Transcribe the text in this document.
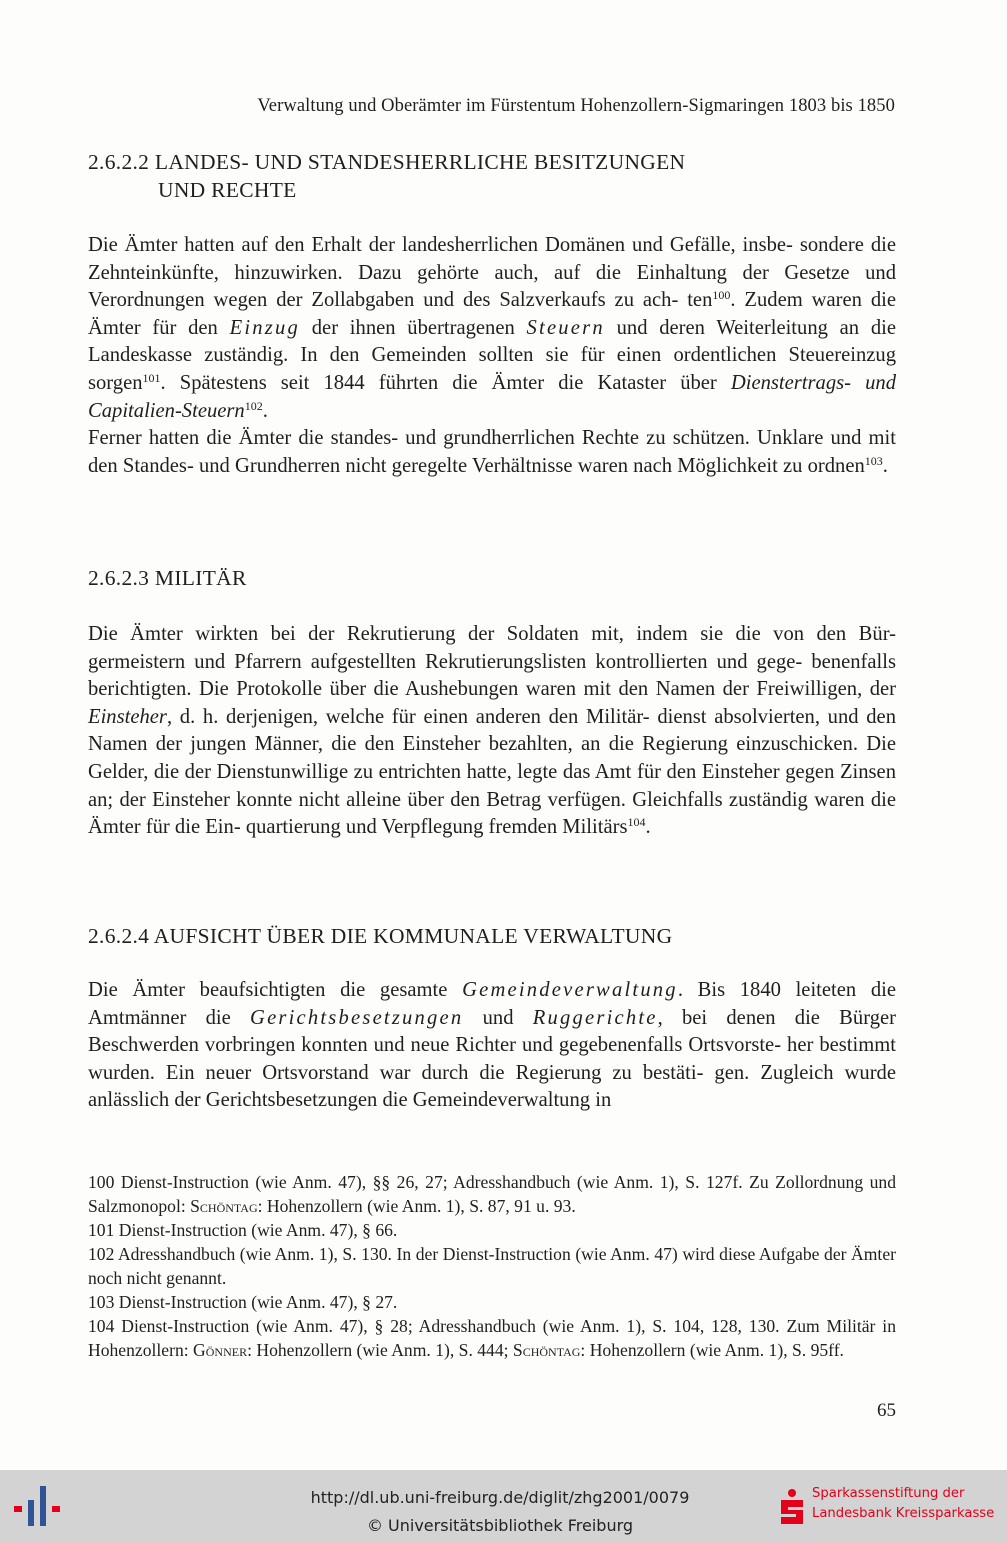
Verwaltung und Oberämter im Fürstentum Hohenzollern-Sigmaringen 1803 bis 1850
2.6.2.2 LANDES- UND STANDESHERRLICHE BESITZUNGEN
UND RECHTE

Die Ämter hatten auf den Erhalt der landesherrlichen Domänen und Gefälle, insbe- sondere die Zehnteinkünfte, hinzuwirken. Dazu gehörte auch, auf die Einhaltung der Gesetze und Verordnungen wegen der Zollabgaben und des Salzverkaufs zu ach- ten$^{100}$. Zudem waren die Ämter für den Einzug der ihnen übertragenen Steuern und deren Weiterleitung an die Landeskasse zuständig. In den Gemeinden sollten sie für einen ordentlichen Steuereinzug sorgen$^{101}$. Spätestens seit 1844 führten die Ämter die Kataster über Dienstertrags- und Capitalien-Steuern$^{102}$.

Ferner hatten die Ämter die standes- und grundherrlichen Rechte zu schützen. Unklare und mit den Standes- und Grundherren nicht geregelte Verhältnisse waren nach Möglichkeit zu ordnen$^{103}$.

2.6.2.3 MILITÄR

Die Ämter wirkten bei der Rekrutierung der Soldaten mit, indem sie die von den Bür- germeistern und Pfarrern aufgestellten Rekrutierungslisten kontrollierten und gege- benenfalls berichtigten. Die Protokolle über die Aushebungen waren mit den Namen der Freiwilligen, der Einsteher, d. h. derjenigen, welche für einen anderen den Militär- dienst absolvierten, und den Namen der jungen Männer, die den Einsteher bezahlten, an die Regierung einzuschicken. Die Gelder, die der Dienstunwillige zu entrichten hatte, legte das Amt für den Einsteher gegen Zinsen an; der Einsteher konnte nicht alleine über den Betrag verfügen. Gleichfalls zuständig waren die Ämter für die Ein- quartierung und Verpflegung fremden Militärs$^{104}$.

2.6.2.4 AUFSICHT ÜBER DIE KOMMUNALE VERWALTUNG

Die Ämter beaufsichtigten die gesamte Gemeindeverwaltung. Bis 1840 leiteten die Amtmänner die Gerichtsbesetzungen und Ruggerichte, bei denen die Bürger Beschwerden vorbringen konnten und neue Richter und gegebenenfalls Ortsvorste- her bestimmt wurden. Ein neuer Ortsvorstand war durch die Regierung zu bestäti- gen. Zugleich wurde anlässlich der Gerichtsbesetzungen die Gemeindeverwaltung in

100 Dienst-Instruction (wie Anm. 47), §§ 26, 27; Adresshandbuch (wie Anm. 1), S. 127f. Zu Zollordnung und Salzmonopol: Schöntag: Hohenzollern (wie Anm. 1), S. 87, 91 u. 93.

101 Dienst-Instruction (wie Anm. 47), § 66.

102 Adresshandbuch (wie Anm. 1), S. 130. In der Dienst-Instruction (wie Anm. 47) wird diese Aufgabe der Ämter noch nicht genannt.

103 Dienst-Instruction (wie Anm. 47), § 27.

104 Dienst-Instruction (wie Anm. 47), § 28; Adresshandbuch (wie Anm. 1), S. 104, 128, 130. Zum Militär in Hohenzollern: Gönner: Hohenzollern (wie Anm. 1), S. 444; Schöntag: Hohenzollern (wie Anm. 1), S. 95ff.

65
http://dl.ub.uni-freiburg.de/diglit/zhg2001/0079
© Universitätsbibliothek Freiburg
Sparkassenstiftung der
Landesbank Kreissparkasse
